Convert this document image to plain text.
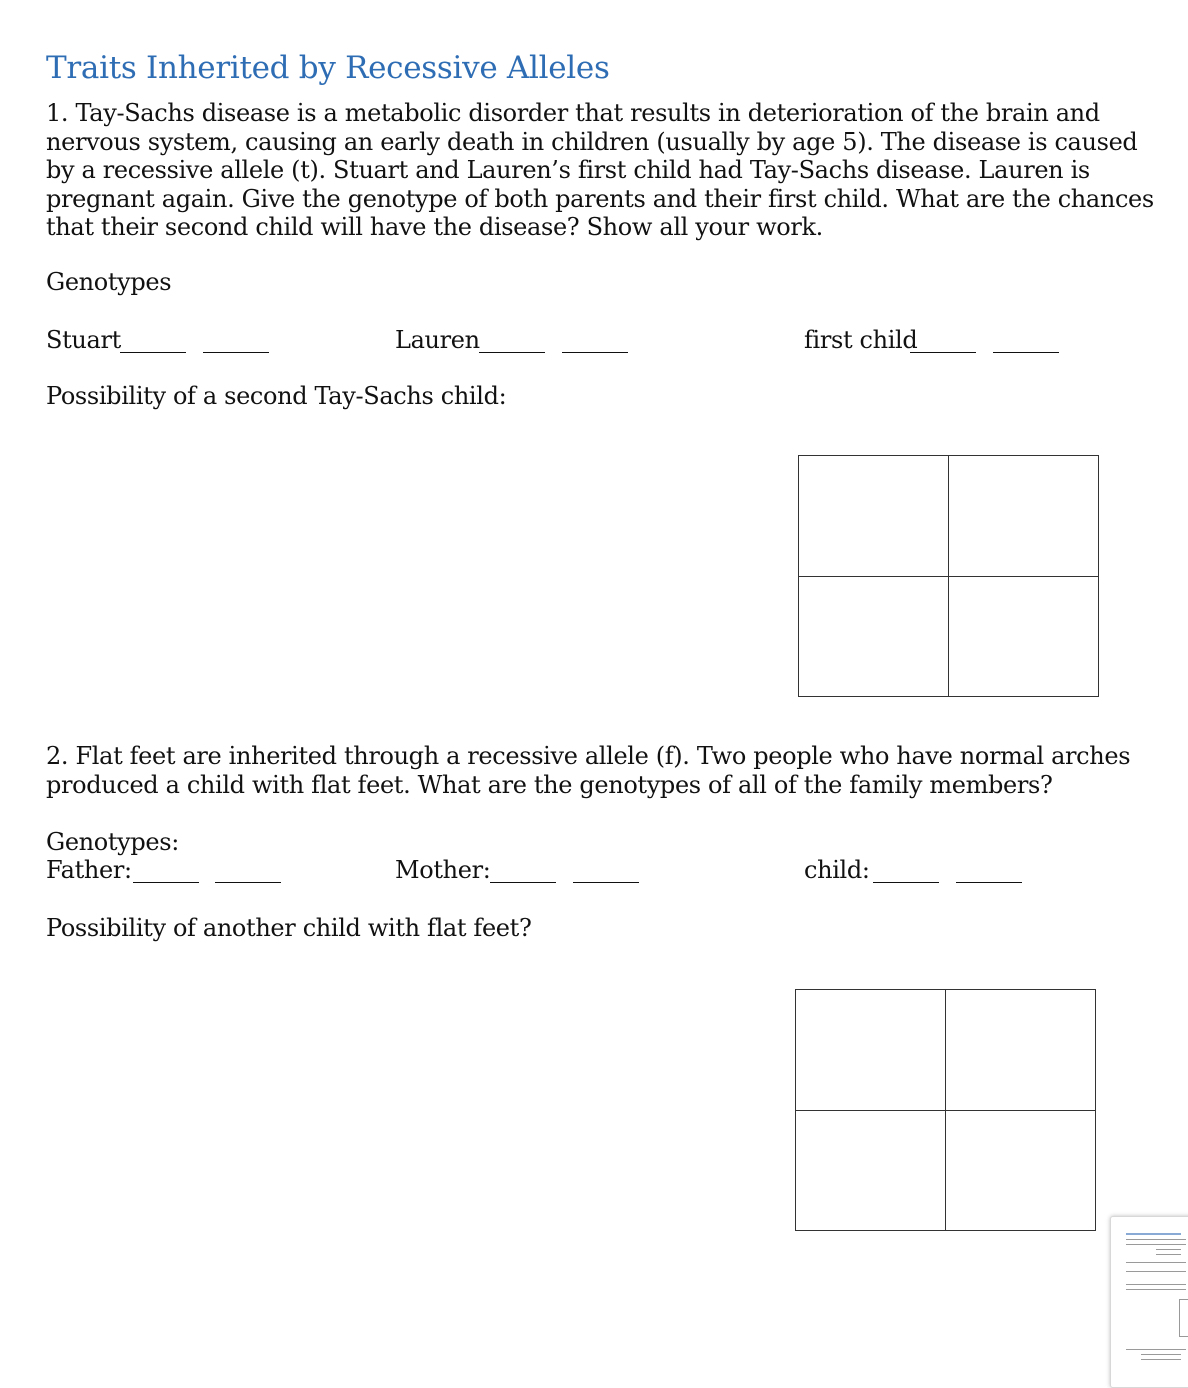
Traits Inherited by Recessive Alleles
1. Tay-Sachs disease is a metabolic disorder that results in deterioration of the brain and nervous system, causing an early death in children (usually by age 5). The disease is caused by a recessive allele (t). Stuart and Lauren’s first child had Tay-Sachs disease. Lauren is pregnant again. Give the genotype of both parents and their first child. What are the chances that their second child will have the disease? Show all your work.
Genotypes
Stuart	Lauren	first child
Possibility of a second Tay-Sachs child:
2. Flat feet are inherited through a recessive allele (f). Two people who have normal arches produced a child with flat feet. What are the genotypes of all of the family members?
Genotypes:
Father:	Mother:	child:
Possibility of another child with flat feet?
